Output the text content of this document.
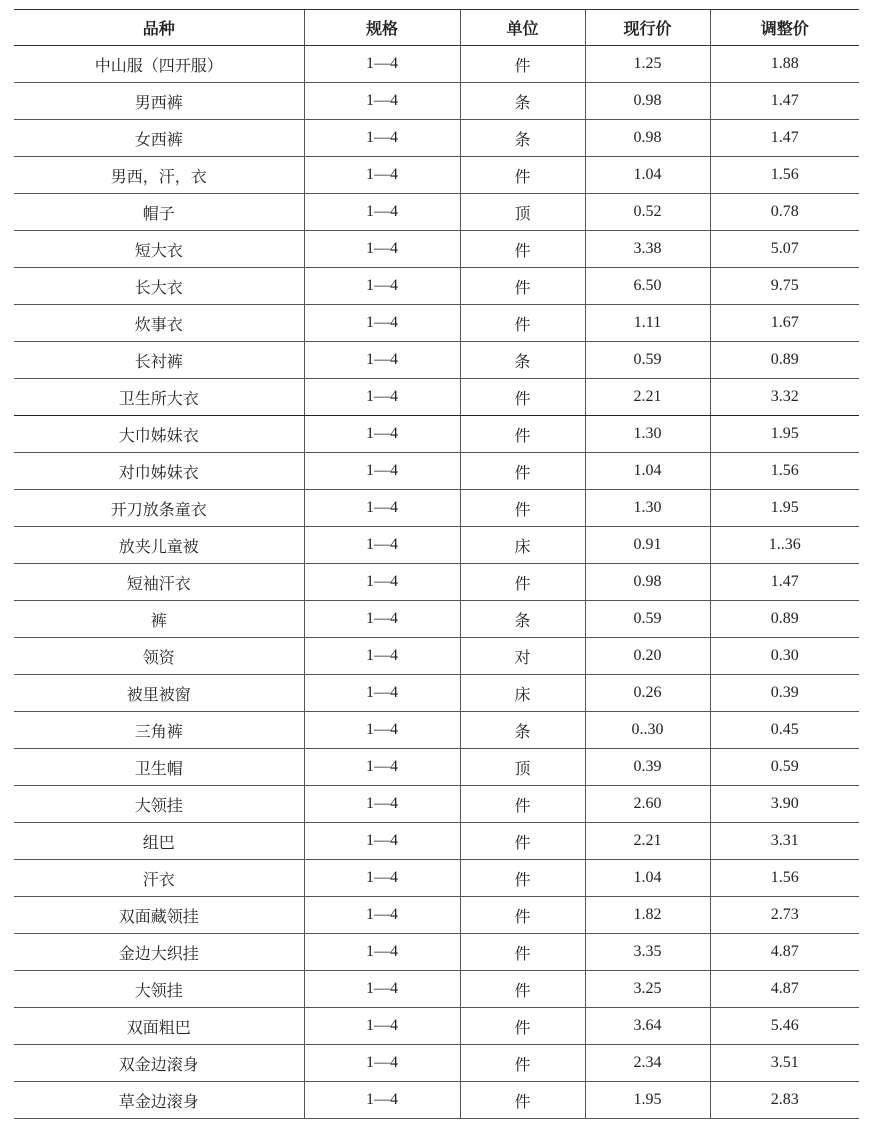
品种	规格	单位	现行价	调整价
中山服（四开服）	1—4	件	1.25	1.88
男西裤	1—4	条	0.98	1.47
女西裤	1—4	条	0.98	1.47
男西，汗，衣	1—4	件	1.04	1.56
帽子	1—4	顶	0.52	0.78
短大衣	1—4	件	3.38	5.07
长大衣	1—4	件	6.50	9.75
炊事衣	1—4	件	1.11	1.67
长衬裤	1—4	条	0.59	0.89
卫生所大衣	1—4	件	2.21	3.32
大巾姊妹衣	1—4	件	1.30	1.95
对巾姊妹衣	1—4	件	1.04	1.56
开刀放条童衣	1—4	件	1.30	1.95
放夹儿童被	1—4	床	0.91	1..36
短袖汗衣	1—4	件	0.98	1.47
裤	1—4	条	0.59	0.89
领资	1—4	对	0.20	0.30
被里被窗	1—4	床	0.26	0.39
三角裤	1—4	条	0..30	0.45
卫生帽	1—4	顶	0.39	0.59
大领挂	1—4	件	2.60	3.90
组巴	1—4	件	2.21	3.31
汗衣	1—4	件	1.04	1.56
双面藏领挂	1—4	件	1.82	2.73
金边大织挂	1—4	件	3.35	4.87
大领挂	1—4	件	3.25	4.87
双面粗巴	1—4	件	3.64	5.46
双金边滚身	1—4	件	2.34	3.51
草金边滚身	1—4	件	1.95	2.83
